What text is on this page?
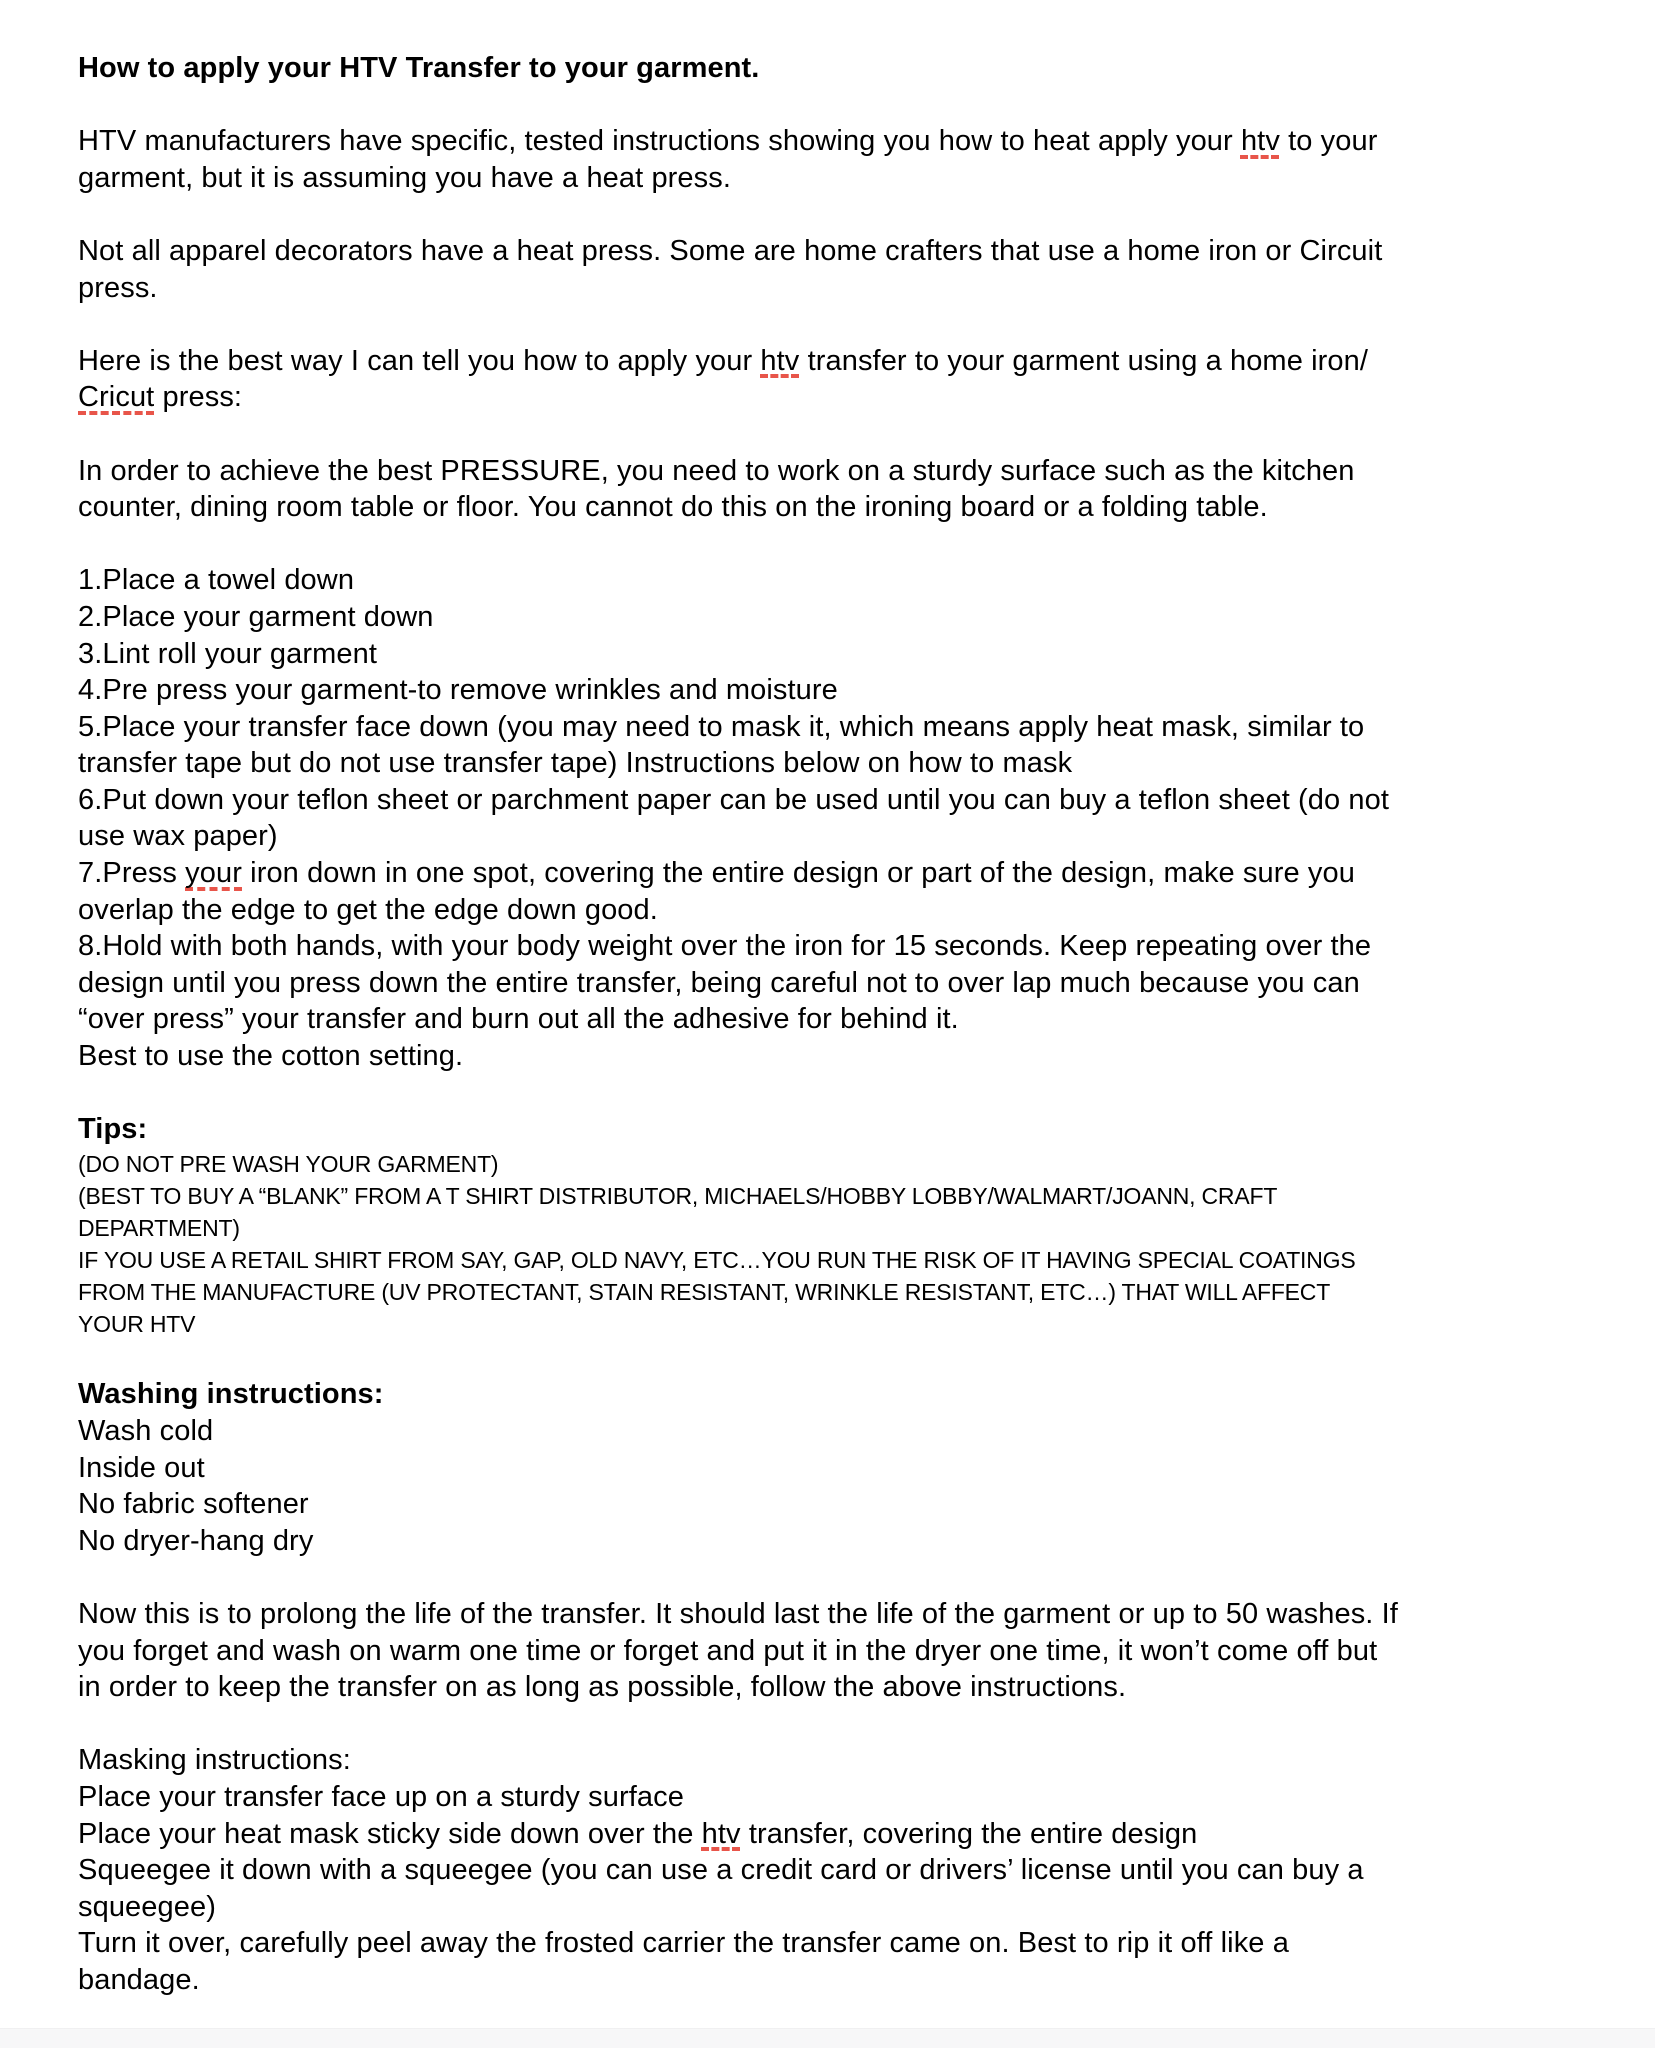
How to apply your HTV Transfer to your garment.
HTV manufacturers have specific, tested instructions showing you how to heat apply your htv to your
garment, but it is assuming you have a heat press.
Not all apparel decorators have a heat press. Some are home crafters that use a home iron or Circuit
press.
Here is the best way I can tell you how to apply your htv transfer to your garment using a home iron/
Cricut press:
In order to achieve the best PRESSURE, you need to work on a sturdy surface such as the kitchen
counter, dining room table or floor. You cannot do this on the ironing board or a folding table.
1.Place a towel down
2.Place your garment down
3.Lint roll your garment
4.Pre press your garment-to remove wrinkles and moisture
5.Place your transfer face down (you may need to mask it, which means apply heat mask, similar to
transfer tape but do not use transfer tape) Instructions below on how to mask
6.Put down your teflon sheet or parchment paper can be used until you can buy a teflon sheet (do not
use wax paper)
7.Press your iron down in one spot, covering the entire design or part of the design, make sure you
overlap the edge to get the edge down good.
8.Hold with both hands, with your body weight over the iron for 15 seconds. Keep repeating over the
design until you press down the entire transfer, being careful not to over lap much because you can
“over press” your transfer and burn out all the adhesive for behind it.
Best to use the cotton setting.
Tips:
(DO NOT PRE WASH YOUR GARMENT)
(BEST TO BUY A “BLANK” FROM A T SHIRT DISTRIBUTOR, MICHAELS/HOBBY LOBBY/WALMART/JOANN, CRAFT
DEPARTMENT)
IF YOU USE A RETAIL SHIRT FROM SAY, GAP, OLD NAVY, ETC…YOU RUN THE RISK OF IT HAVING SPECIAL COATINGS
FROM THE MANUFACTURE (UV PROTECTANT, STAIN RESISTANT, WRINKLE RESISTANT, ETC…) THAT WILL AFFECT
YOUR HTV
Washing instructions:
Wash cold
Inside out
No fabric softener
No dryer-hang dry
Now this is to prolong the life of the transfer. It should last the life of the garment or up to 50 washes. If
you forget and wash on warm one time or forget and put it in the dryer one time, it won’t come off but
in order to keep the transfer on as long as possible, follow the above instructions.
Masking instructions:
Place your transfer face up on a sturdy surface
Place your heat mask sticky side down over the htv transfer, covering the entire design
Squeegee it down with a squeegee (you can use a credit card or drivers’ license until you can buy a
squeegee)
Turn it over, carefully peel away the frosted carrier the transfer came on. Best to rip it off like a
bandage.
